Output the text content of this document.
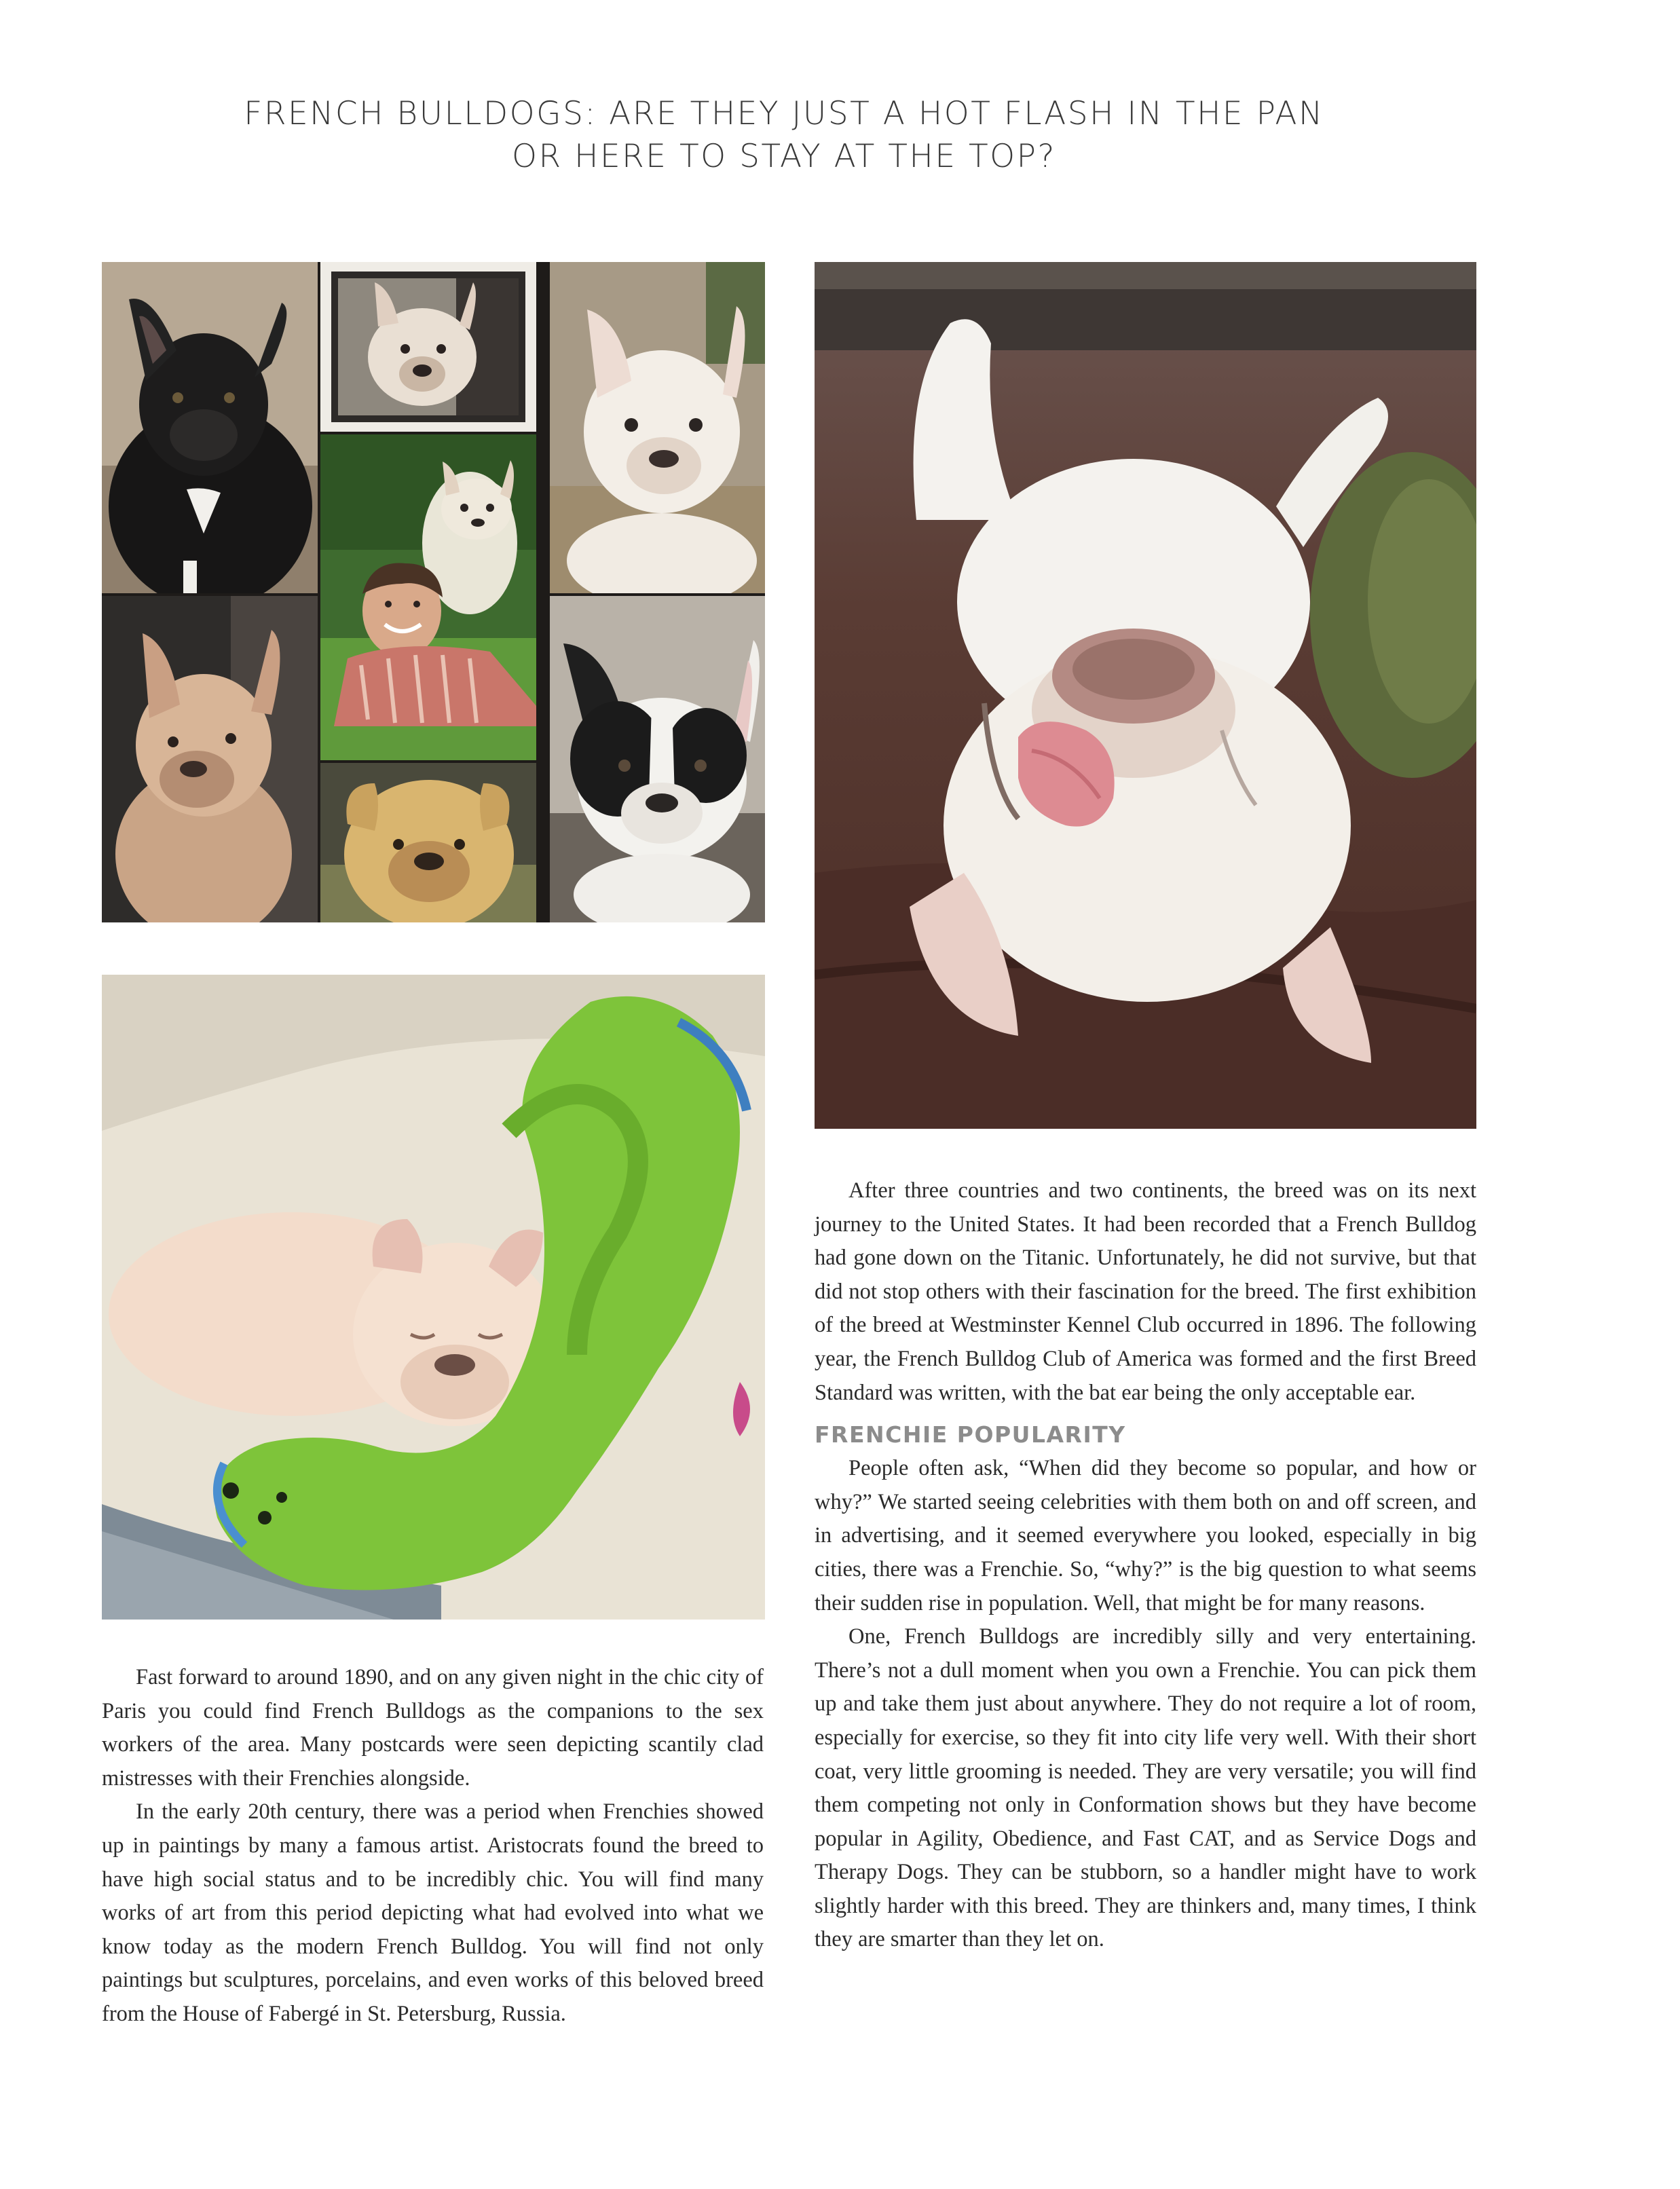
FRENCH BULLDOGS: ARE THEY JUST A HOT FLASH IN THE PAN
OR HERE TO STAY AT THE TOP?

Fast forward to around 1890, and on any given night in the chic city of Paris you could find French Bulldogs as the companions to the sex workers of the area. Many postcards were seen depicting scantily clad mistresses with their Frenchies alongside.

In the early 20th century, there was a period when Frenchies showed up in paintings by many a famous artist. Aristocrats found the breed to have high social status and to be incredibly chic. You will find many works of art from this period depicting what had evolved into what we know today as the modern French Bulldog. You will find not only paintings but sculptures, porcelains, and even works of this beloved breed from the House of Fabergé in St. Petersburg, Russia.

After three countries and two continents, the breed was on its next journey to the United States. It had been recorded that a French Bulldog had gone down on the Titanic. Unfortunately, he did not survive, but that did not stop others with their fascination for the breed. The first exhibition of the breed at Westminster Kennel Club occurred in 1896. The following year, the French Bulldog Club of America was formed and the first Breed Standard was written, with the bat ear being the only acceptable ear.

FRENCHIE POPULARITY

People often ask, “When did they become so popular, and how or why?” We started seeing celebrities with them both on and off screen, and in advertising, and it seemed everywhere you looked, especially in big cities, there was a Frenchie. So, “why?” is the big question to what seems their sudden rise in population. Well, that might be for many reasons.

One, French Bulldogs are incredibly silly and very entertaining. There’s not a dull moment when you own a Frenchie. You can pick them up and take them just about anywhere. They do not require a lot of room, especially for exercise, so they fit into city life very well. With their short coat, very little grooming is needed. They are very versatile; you will find them competing not only in Conformation shows but they have become popular in Agility, Obedience, and Fast CAT, and as Service Dogs and Therapy Dogs. They can be stubborn, so a handler might have to work slightly harder with this breed. They are thinkers and, many times, I think they are smarter than they let on.
